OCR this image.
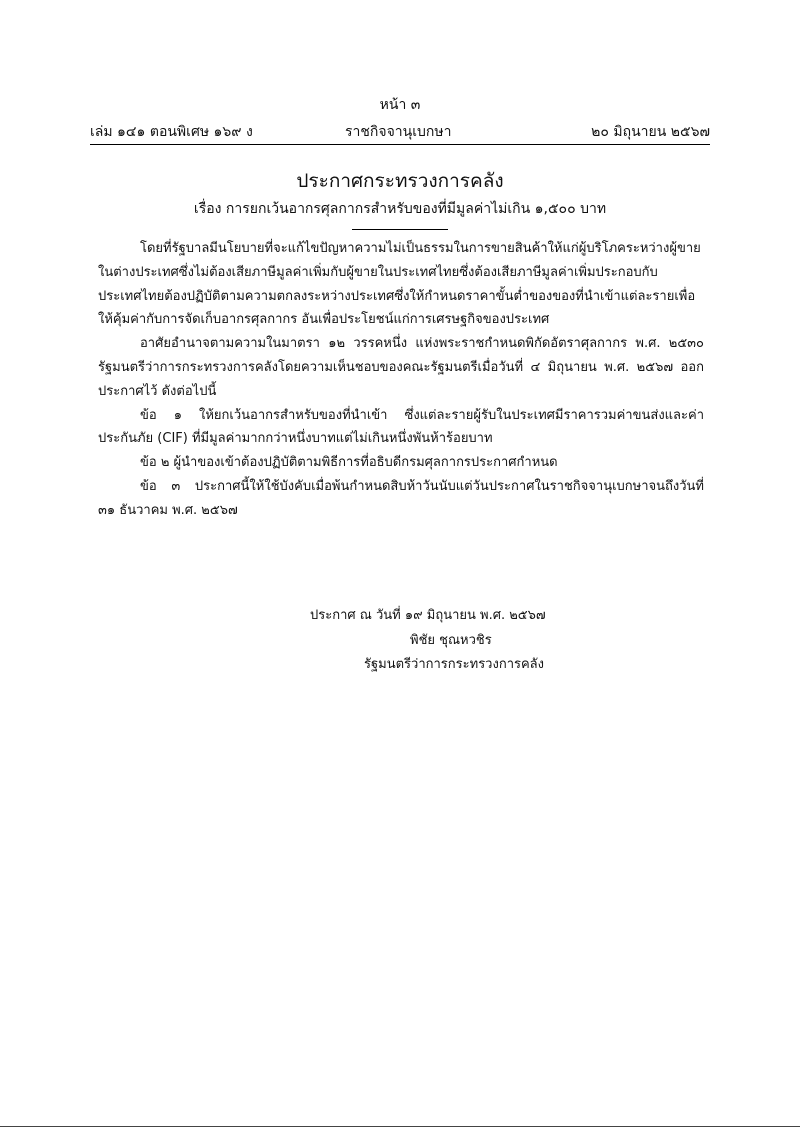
หน้า ๓
เล่ม ๑๔๑ ตอนพิเศษ ๑๖๙ ง	ราชกิจจานุเบกษา	๒๐ มิถุนายน ๒๕๖๗
ประกาศกระทรวงการคลัง
เรื่อง การยกเว้นอากรศุลกากรสำหรับของที่มีมูลค่าไม่เกิน ๑,๕๐๐ บาท

โดยที่รัฐบาลมีนโยบายที่จะแก้ไขปัญหาความไม่เป็นธรรมในการขายสินค้าให้แก่ผู้บริโภคระหว่างผู้ขายในต่างประเทศซึ่งไม่ต้องเสียภาษีมูลค่าเพิ่มกับผู้ขายในประเทศไทยซึ่งต้องเสียภาษีมูลค่าเพิ่มประกอบกับประเทศไทยต้องปฏิบัติตามความตกลงระหว่างประเทศซึ่งให้กำหนดราคาขั้นต่ำของของที่นำเข้าแต่ละรายเพื่อให้คุ้มค่ากับการจัดเก็บอากรศุลกากร อันเพื่อประโยชน์แก่การเศรษฐกิจของประเทศ

อาศัยอำนาจตามความในมาตรา ๑๒ วรรคหนึ่ง แห่งพระราชกำหนดพิกัดอัตราศุลกากร พ.ศ. ๒๕๓๐ รัฐมนตรีว่าการกระทรวงการคลังโดยความเห็นชอบของคณะรัฐมนตรีเมื่อวันที่ ๔ มิถุนายน พ.ศ. ๒๕๖๗ ออกประกาศไว้ ดังต่อไปนี้

ข้อ ๑ ให้ยกเว้นอากรสำหรับของที่นำเข้า ซึ่งแต่ละรายผู้รับในประเทศมีราคารวมค่าขนส่งและค่าประกันภัย (CIF) ที่มีมูลค่ามากกว่าหนึ่งบาทแต่ไม่เกินหนึ่งพันห้าร้อยบาท

ข้อ ๒ ผู้นำของเข้าต้องปฏิบัติตามพิธีการที่อธิบดีกรมศุลกากรประกาศกำหนด

ข้อ ๓ ประกาศนี้ให้ใช้บังคับเมื่อพ้นกำหนดสิบห้าวันนับแต่วันประกาศในราชกิจจานุเบกษาจนถึงวันที่ ๓๑ ธันวาคม พ.ศ. ๒๕๖๗

ประกาศ ณ วันที่ ๑๙ มิถุนายน พ.ศ. ๒๕๖๗
พิชัย ชุณหวชิร
รัฐมนตรีว่าการกระทรวงการคลัง
